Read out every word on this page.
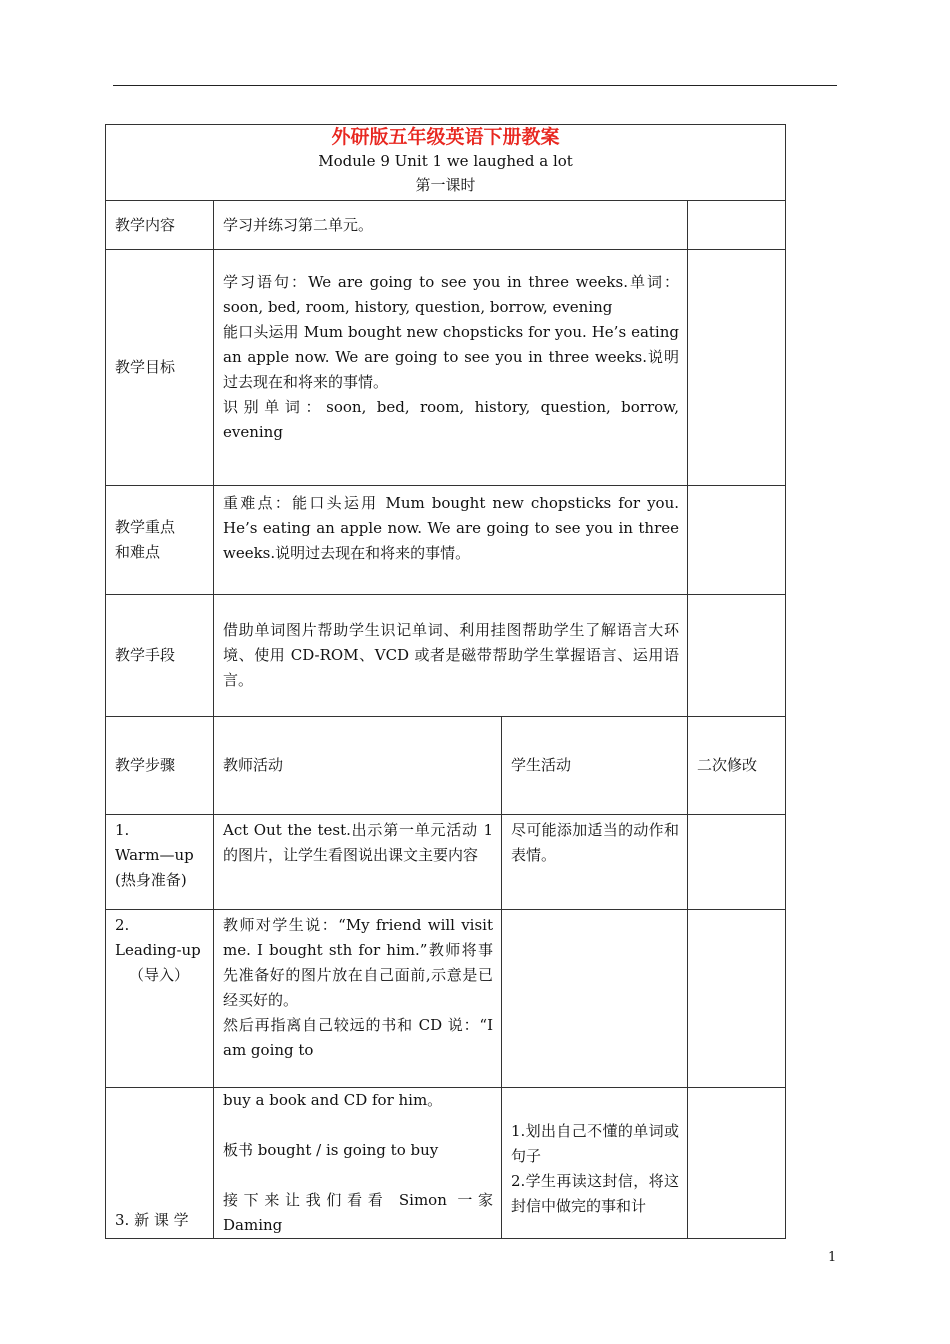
外研版五年级英语下册教案
Module 9 Unit 1 we laughed a lot
第一课时			

教学内容	学习并练习第二单元。		
教学目标	学习语句：We are going to see you in three weeks.单词：soon, bed, room, history, question, borrow, evening
能口头运用 Mum bought new chopsticks for you. He’s eating an apple now. We are going to see you in three weeks.说明过去现在和将来的事情。
识别单词：soon, bed, room, history, question, borrow, evening		

教学重点
和难点	重难点：能口头运用 Mum bought new chopsticks for you. He’s eating an apple now. We are going to see you in three weeks.说明过去现在和将来的事情。		
教学手段	借助单词图片帮助学生识记单词、利用挂图帮助学生了解语言大环境、使用 CD-ROM、VCD 或者是磁带帮助学生掌握语言、运用语言。		
教学步骤	教师活动	学生活动	二次修改

1.
Warm—up
(热身准备)	Act Out the test.出示第一单元活动 1 的图片，让学生看图说出课文主要内容	尽可能添加适当的动作和表情。	

2.
Leading-up
（导入）	教师对学生说：“My friend will visit me. I bought sth for him.”教师将事先准备好的图片放在自己面前,示意是已经买好的。
然后再指离自己较远的书和 CD 说：“I am going to		

3. 新 课 学	buy a book and CD for him。
板书 bought / is going to buy
接下来让我们看看 Simon 一家 Daming	1.划出自己不懂的单词或句子
2.学生再读这封信，将这封信中做完的事和计	

1
